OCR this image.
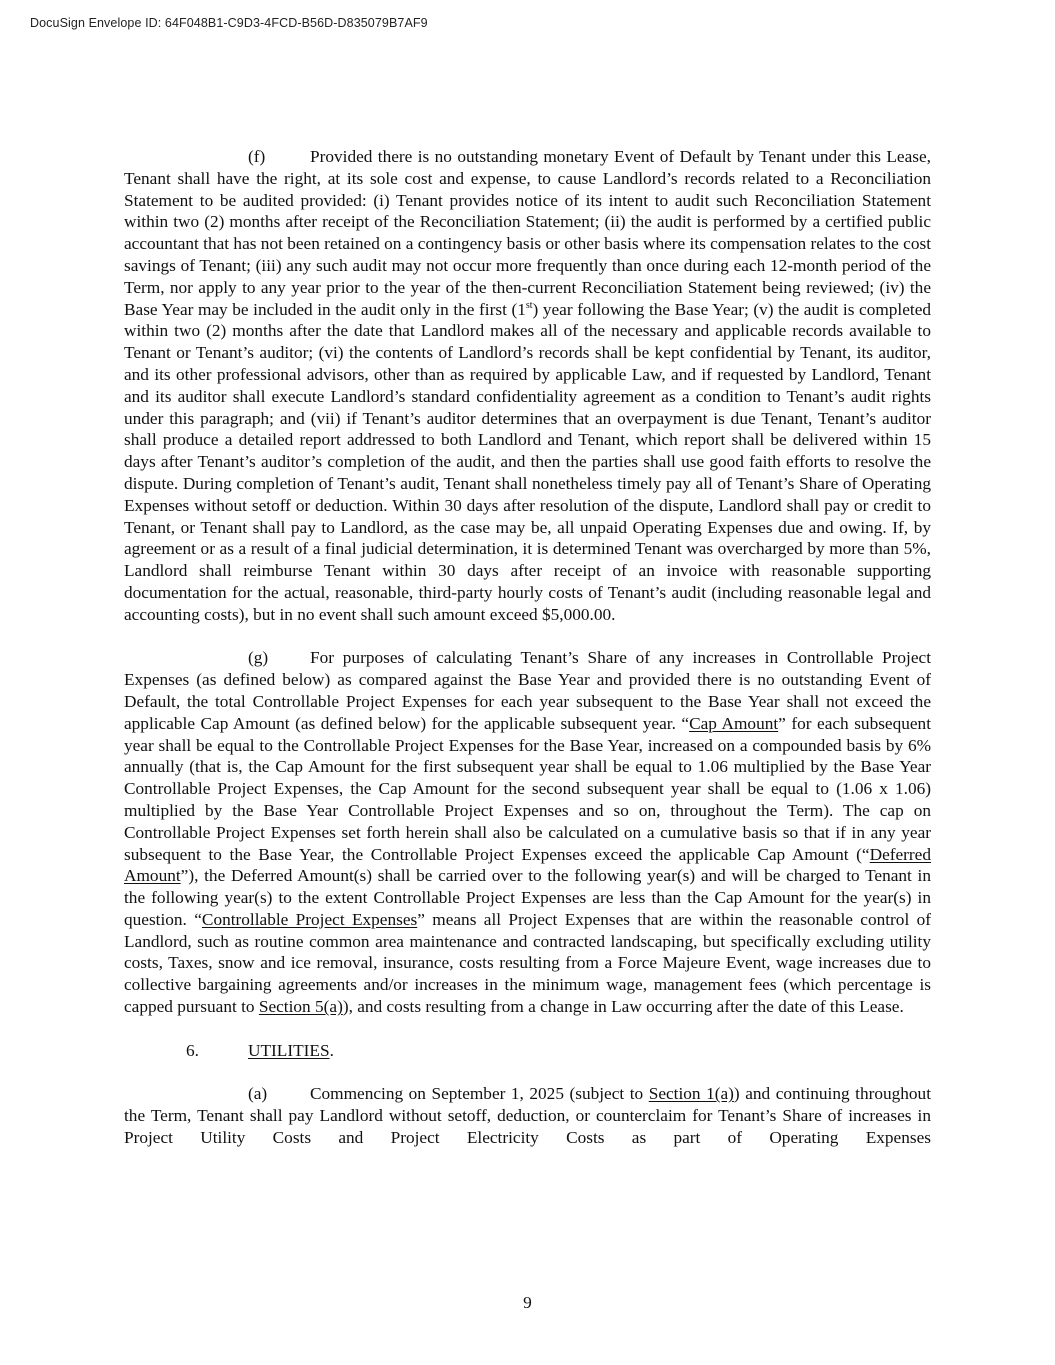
DocuSign Envelope ID: 64F048B1-C9D3-4FCD-B56D-D835079B7AF9

(f)	Provided there is no outstanding monetary Event of Default by Tenant under this Lease, Tenant shall have the right, at its sole cost and expense, to cause Landlord’s records related to a Reconciliation Statement to be audited provided: (i) Tenant provides notice of its intent to audit such Reconciliation Statement within two (2) months after receipt of the Reconciliation Statement; (ii) the audit is performed by a certified public accountant that has not been retained on a contingency basis or other basis where its compensation relates to the cost savings of Tenant; (iii) any such audit may not occur more frequently than once during each 12-month period of the Term, nor apply to any year prior to the year of the then-current Reconciliation Statement being reviewed; (iv) the Base Year may be included in the audit only in the first (1st) year following the Base Year; (v) the audit is completed within two (2) months after the date that Landlord makes all of the necessary and applicable records available to Tenant or Tenant’s auditor; (vi) the contents of Landlord’s records shall be kept confidential by Tenant, its auditor, and its other professional advisors, other than as required by applicable Law, and if requested by Landlord, Tenant and its auditor shall execute Landlord’s standard confidentiality agreement as a condition to Tenant’s audit rights under this paragraph; and (vii) if Tenant’s auditor determines that an overpayment is due Tenant, Tenant’s auditor shall produce a detailed report addressed to both Landlord and Tenant, which report shall be delivered within 15 days after Tenant’s auditor’s completion of the audit, and then the parties shall use good faith efforts to resolve the dispute. During completion of Tenant’s audit, Tenant shall nonetheless timely pay all of Tenant’s Share of Operating Expenses without setoff or deduction. Within 30 days after resolution of the dispute, Landlord shall pay or credit to Tenant, or Tenant shall pay to Landlord, as the case may be, all unpaid Operating Expenses due and owing. If, by agreement or as a result of a final judicial determination, it is determined Tenant was overcharged by more than 5%, Landlord shall reimburse Tenant within 30 days after receipt of an invoice with reasonable supporting documentation for the actual, reasonable, third-party hourly costs of Tenant’s audit (including reasonable legal and accounting costs), but in no event shall such amount exceed $5,000.00.

(g) For purposes of calculating Tenant’s Share of any increases in Controllable Project Expenses (as defined below) as compared against the Base Year and provided there is no outstanding Event of Default, the total Controllable Project Expenses for each year subsequent to the Base Year shall not exceed the applicable Cap Amount (as defined below) for the applicable subsequent year. “Cap Amount” for each subsequent year shall be equal to the Controllable Project Expenses for the Base Year, increased on a compounded basis by 6% annually (that is, the Cap Amount for the first subsequent year shall be equal to 1.06 multiplied by the Base Year Controllable Project Expenses, the Cap Amount for the second subsequent year shall be equal to (1.06 x 1.06) multiplied by the Base Year Controllable Project Expenses and so on, throughout the Term). The cap on Controllable Project Expenses set forth herein shall also be calculated on a cumulative basis so that if in any year subsequent to the Base Year, the Controllable Project Expenses exceed the applicable Cap Amount (“Deferred Amount”), the Deferred Amount(s) shall be carried over to the following year(s) and will be charged to Tenant in the following year(s) to the extent Controllable Project Expenses are less than the Cap Amount for the year(s) in question. “Controllable Project Expenses” means all Project Expenses that are within the reasonable control of Landlord, such as routine common area maintenance and contracted landscaping, but specifically excluding utility costs, Taxes, snow and ice removal, insurance, costs resulting from a Force Majeure Event, wage increases due to collective bargaining agreements and/or increases in the minimum wage, management fees (which percentage is capped pursuant to Section 5(a)), and costs resulting from a change in Law occurring after the date of this Lease.

6.	UTILITIES.

(a) Commencing on September 1, 2025 (subject to Section 1(a)) and continuing throughout the Term, Tenant shall pay Landlord without setoff, deduction, or counterclaim for Tenant’s Share of increases in Project Utility Costs and Project Electricity Costs as part of Operating Expenses

9
